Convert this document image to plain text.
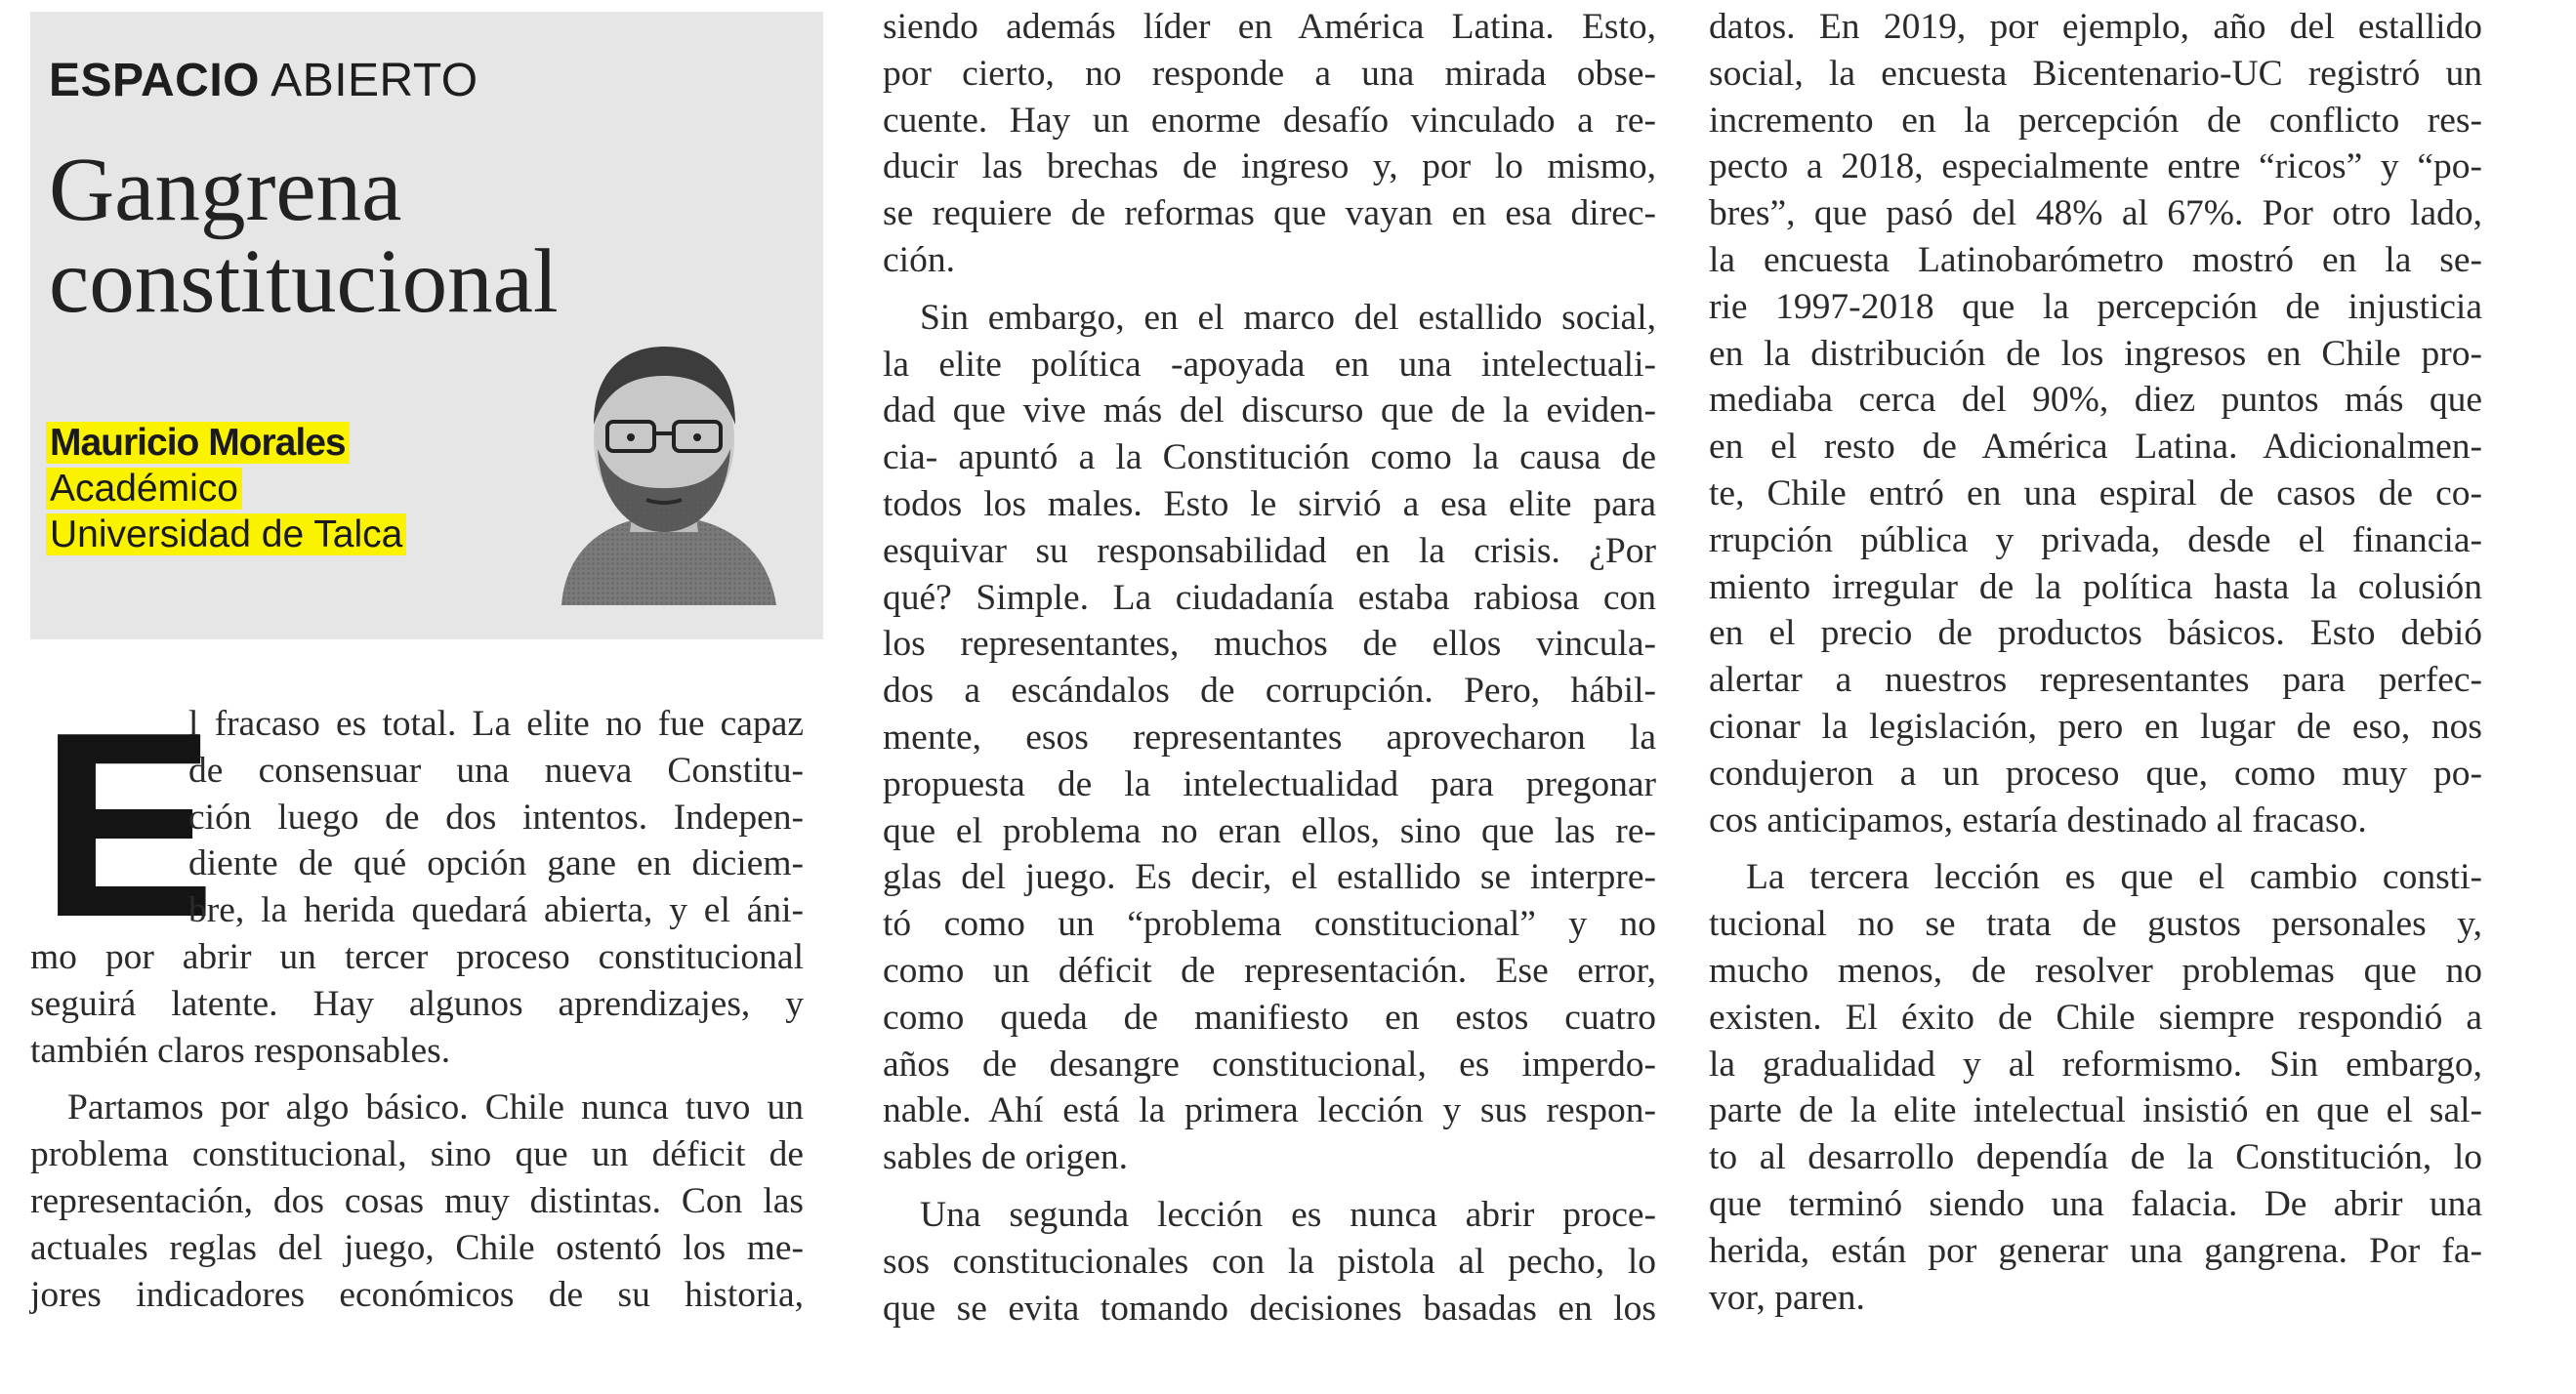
ESPACIO ABIERTO
Gangrena
constitucional
Mauricio Morales
Académico
Universidad de Talca
E
l fracaso es total. La elite no fue capaz
de consensuar una nueva Constitu-
ción luego de dos intentos. Indepen-
diente de qué opción gane en diciem-
bre, la herida quedará abierta, y el áni-
mo por abrir un tercer proceso constitucional
seguirá latente. Hay algunos aprendizajes, y
también claros responsables.
Partamos por algo básico. Chile nunca tuvo un
problema constitucional, sino que un déficit de
representación, dos cosas muy distintas. Con las
actuales reglas del juego, Chile ostentó los me-
jores indicadores económicos de su historia,
siendo además líder en América Latina. Esto,
por cierto, no responde a una mirada obse-
cuente. Hay un enorme desafío vinculado a re-
ducir las brechas de ingreso y, por lo mismo,
se requiere de reformas que vayan en esa direc-
ción.
Sin embargo, en el marco del estallido social,
la elite política -apoyada en una intelectuali-
dad que vive más del discurso que de la eviden-
cia- apuntó a la Constitución como la causa de
todos los males. Esto le sirvió a esa elite para
esquivar su responsabilidad en la crisis. ¿Por
qué? Simple. La ciudadanía estaba rabiosa con
los representantes, muchos de ellos vincula-
dos a escándalos de corrupción. Pero, hábil-
mente, esos representantes aprovecharon la
propuesta de la intelectualidad para pregonar
que el problema no eran ellos, sino que las re-
glas del juego. Es decir, el estallido se interpre-
tó como un “problema constitucional” y no
como un déficit de representación. Ese error,
como queda de manifiesto en estos cuatro
años de desangre constitucional, es imperdo-
nable. Ahí está la primera lección y sus respon-
sables de origen.
Una segunda lección es nunca abrir proce-
sos constitucionales con la pistola al pecho, lo
que se evita tomando decisiones basadas en los
datos. En 2019, por ejemplo, año del estallido
social, la encuesta Bicentenario-UC registró un
incremento en la percepción de conflicto res-
pecto a 2018, especialmente entre “ricos” y “po-
bres”, que pasó del 48% al 67%. Por otro lado,
la encuesta Latinobarómetro mostró en la se-
rie 1997-2018 que la percepción de injusticia
en la distribución de los ingresos en Chile pro-
mediaba cerca del 90%, diez puntos más que
en el resto de América Latina. Adicionalmen-
te, Chile entró en una espiral de casos de co-
rrupción pública y privada, desde el financia-
miento irregular de la política hasta la colusión
en el precio de productos básicos. Esto debió
alertar a nuestros representantes para perfec-
cionar la legislación, pero en lugar de eso, nos
condujeron a un proceso que, como muy po-
cos anticipamos, estaría destinado al fracaso.
La tercera lección es que el cambio consti-
tucional no se trata de gustos personales y,
mucho menos, de resolver problemas que no
existen. El éxito de Chile siempre respondió a
la gradualidad y al reformismo. Sin embargo,
parte de la elite intelectual insistió en que el sal-
to al desarrollo dependía de la Constitución, lo
que terminó siendo una falacia. De abrir una
herida, están por generar una gangrena. Por fa-
vor, paren.
